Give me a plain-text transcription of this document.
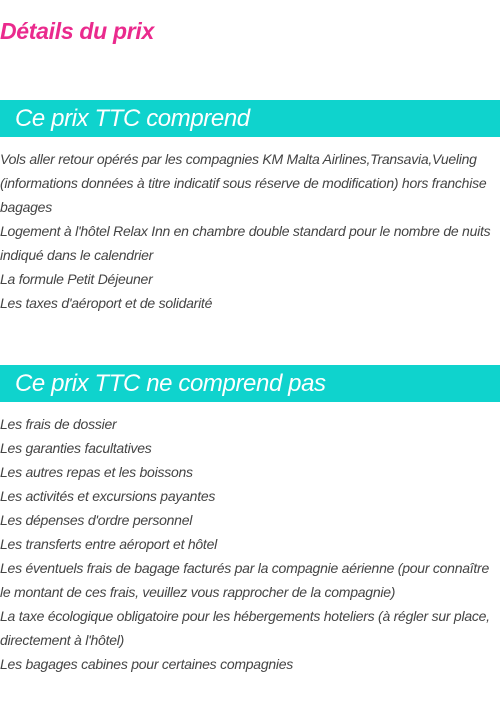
Détails du prix
Ce prix TTC comprend
Vols aller retour opérés par les compagnies KM Malta Airlines,Transavia,Vueling (informations données à titre indicatif sous réserve de modification) hors franchise bagages
Logement à l'hôtel Relax Inn en chambre double standard pour le nombre de nuits indiqué dans le calendrier
La formule Petit Déjeuner
Les taxes d'aéroport et de solidarité
Ce prix TTC ne comprend pas
Les frais de dossier
Les garanties facultatives
Les autres repas et les boissons
Les activités et excursions payantes
Les dépenses d'ordre personnel
Les transferts entre aéroport et hôtel
Les éventuels frais de bagage facturés par la compagnie aérienne (pour connaître le montant de ces frais, veuillez vous rapprocher de la compagnie)
La taxe écologique obligatoire pour les hébergements hoteliers (à régler sur place, directement à l'hôtel)
Les bagages cabines pour certaines compagnies
